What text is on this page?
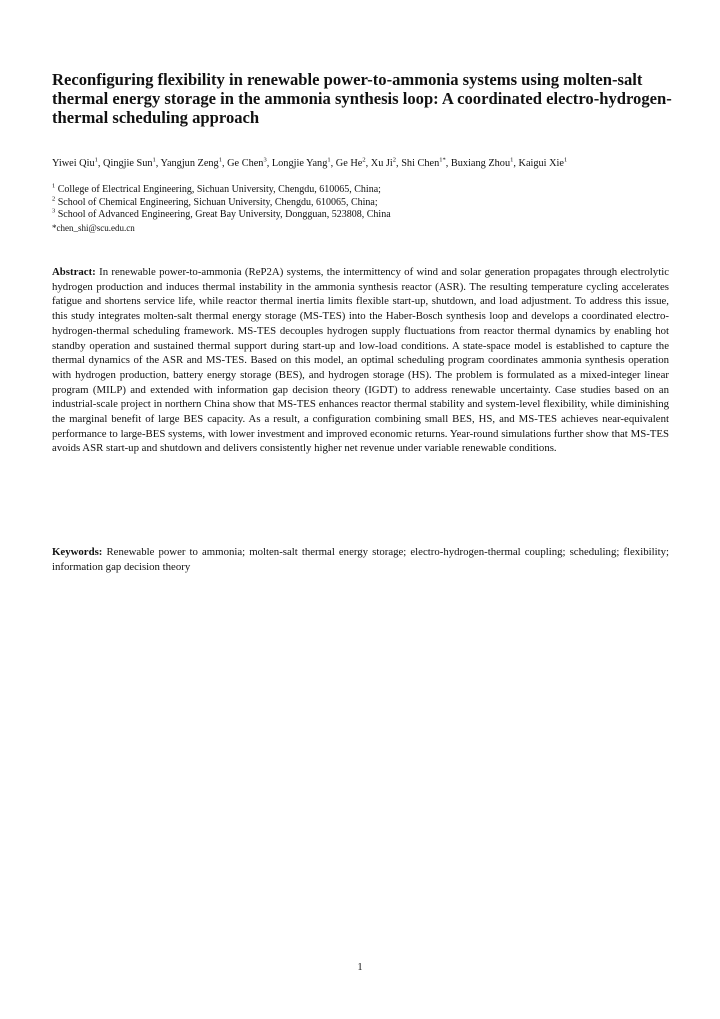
Reconfiguring flexibility in renewable power-to-ammonia systems using molten-salt thermal energy storage in the ammonia synthesis loop: A coordinated electro-hydrogen-thermal scheduling approach
Yiwei Qiu$^1$, Qingjie Sun$^1$, Yangjun Zeng$^1$, Ge Chen$^3$, Longjie Yang$^1$, Ge He$^2$, Xu Ji$^2$, Shi Chen$^{1*}$, Buxiang Zhou$^1$, Kaigui Xie$^1$
$^1$ College of Electrical Engineering, Sichuan University, Chengdu, 610065, China;
$^2$ School of Chemical Engineering, Sichuan University, Chengdu, 610065, China;
$^3$ School of Advanced Engineering, Great Bay University, Dongguan, 523808, China
*chen_shi@scu.edu.cn

Abstract: In renewable power-to-ammonia (ReP2A) systems, the intermittency of wind and solar generation propagates through electrolytic hydrogen production and induces thermal instability in the ammonia synthesis reactor (ASR). The resulting temperature cycling accelerates fatigue and shortens service life, while reactor thermal inertia limits flexible start-up, shutdown, and load adjustment. To address this issue, this study integrates molten-salt thermal energy storage (MS-TES) into the Haber-Bosch synthesis loop and develops a coordinated electro-hydrogen-thermal scheduling framework. MS-TES decouples hydrogen supply fluctuations from reactor thermal dynamics by enabling hot standby operation and sustained thermal support during start-up and low-load conditions. A state-space model is established to capture the thermal dynamics of the ASR and MS-TES. Based on this model, an optimal scheduling program coordinates ammonia synthesis operation with hydrogen production, battery energy storage (BES), and hydrogen storage (HS). The problem is formulated as a mixed-integer linear program (MILP) and extended with information gap decision theory (IGDT) to address renewable uncertainty. Case studies based on an industrial-scale project in northern China show that MS-TES enhances reactor thermal stability and system-level flexibility, while diminishing the marginal benefit of large BES capacity. As a result, a configuration combining small BES, HS, and MS-TES achieves near-equivalent performance to large-BES systems, with lower investment and improved economic returns. Year-round simulations further show that MS-TES avoids ASR start-up and shutdown and delivers consistently higher net revenue under variable renewable conditions.

Keywords: Renewable power to ammonia; molten-salt thermal energy storage; electro-hydrogen-thermal coupling; scheduling; flexibility; information gap decision theory

1
